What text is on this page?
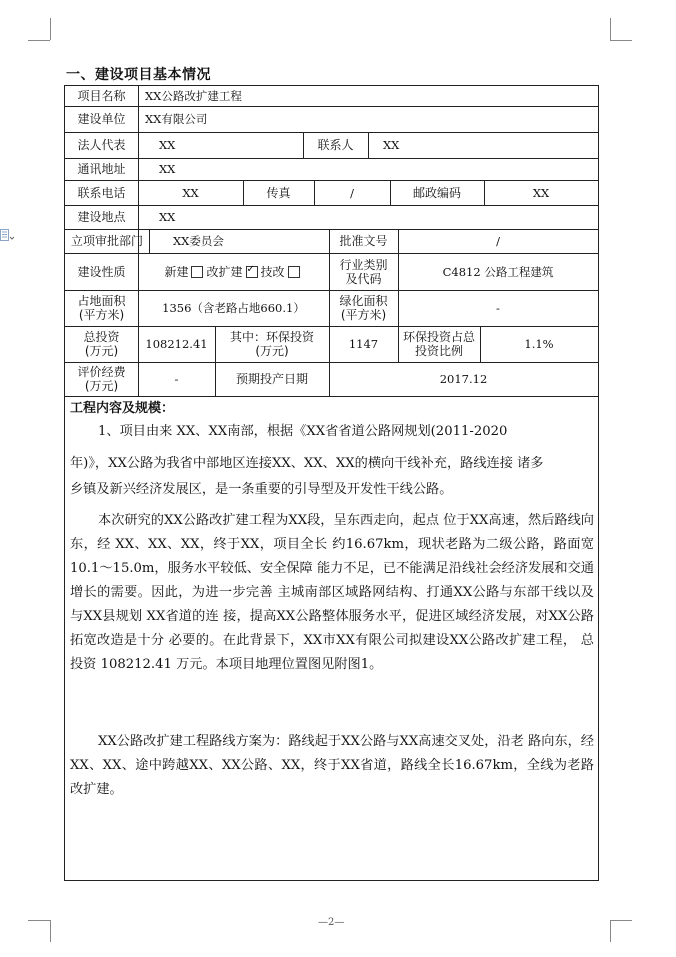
一、建设项目基本情况
项目名称	XX公路改扩建工程
建设单位	XX有限公司
法人代表	XX	联系人	XX
通讯地址	XX
联系电话	XX	传真	/	邮政编码	XX
建设地点	XX
立项审批部门	XX委员会	批准文号	/
建设性质	新建 改扩建
✓ 技改	行业类别及代码	C4812 公路工程建筑
占地面积(平方米)	1356（含老路占地660.1）	绿化面积(平方米)	-
总投资(万元)	108212.41	其中：环保投资(万元)	1147	环保投资占总投资比例	1.1%
评价经费(万元)	-	预期投产日期	2017.12
工程内容及规模：
1、项目由来 XX、XX南部，根据《XX省省道公路网规划(2011-2020
年)》，XX公路为我省中部地区连接XX、XX、XX的横向干线补充，路线连接 诸多
乡镇及新兴经济发展区，是一条重要的引导型及开发性干线公路。
本次研究的XX公路改扩建工程为XX段，呈东西走向，起点 位于XX高速，然后路线向东，经 XX、XX、XX，终于XX，项目全长 约16.67km，现状老路为二级公路，路面宽10.1～15.0m，服务水平较低、安全保障 能力不足，已不能满足沿线社会经济发展和交通增长的需要。因此，为进一步完善 主城南部区域路网结构、打通XX公路与东部干线以及与XX县规划 XX省道的连 接，提高XX公路整体服务水平，促进区域经济发展，对XX公路拓宽改造是十分 必要的。在此背景下，XX市XX有限公司拟建设XX公路改扩建工程， 总投资 108212.41 万元。本项目地理位置图见附图1。
XX公路改扩建工程路线方案为：路线起于XX公路与XX高速交叉处，沿老 路向东，经XX、XX、途中跨越XX、XX公路、XX，终于XX省道，路线全长16.67km，全线为老路改扩建。
—2—
